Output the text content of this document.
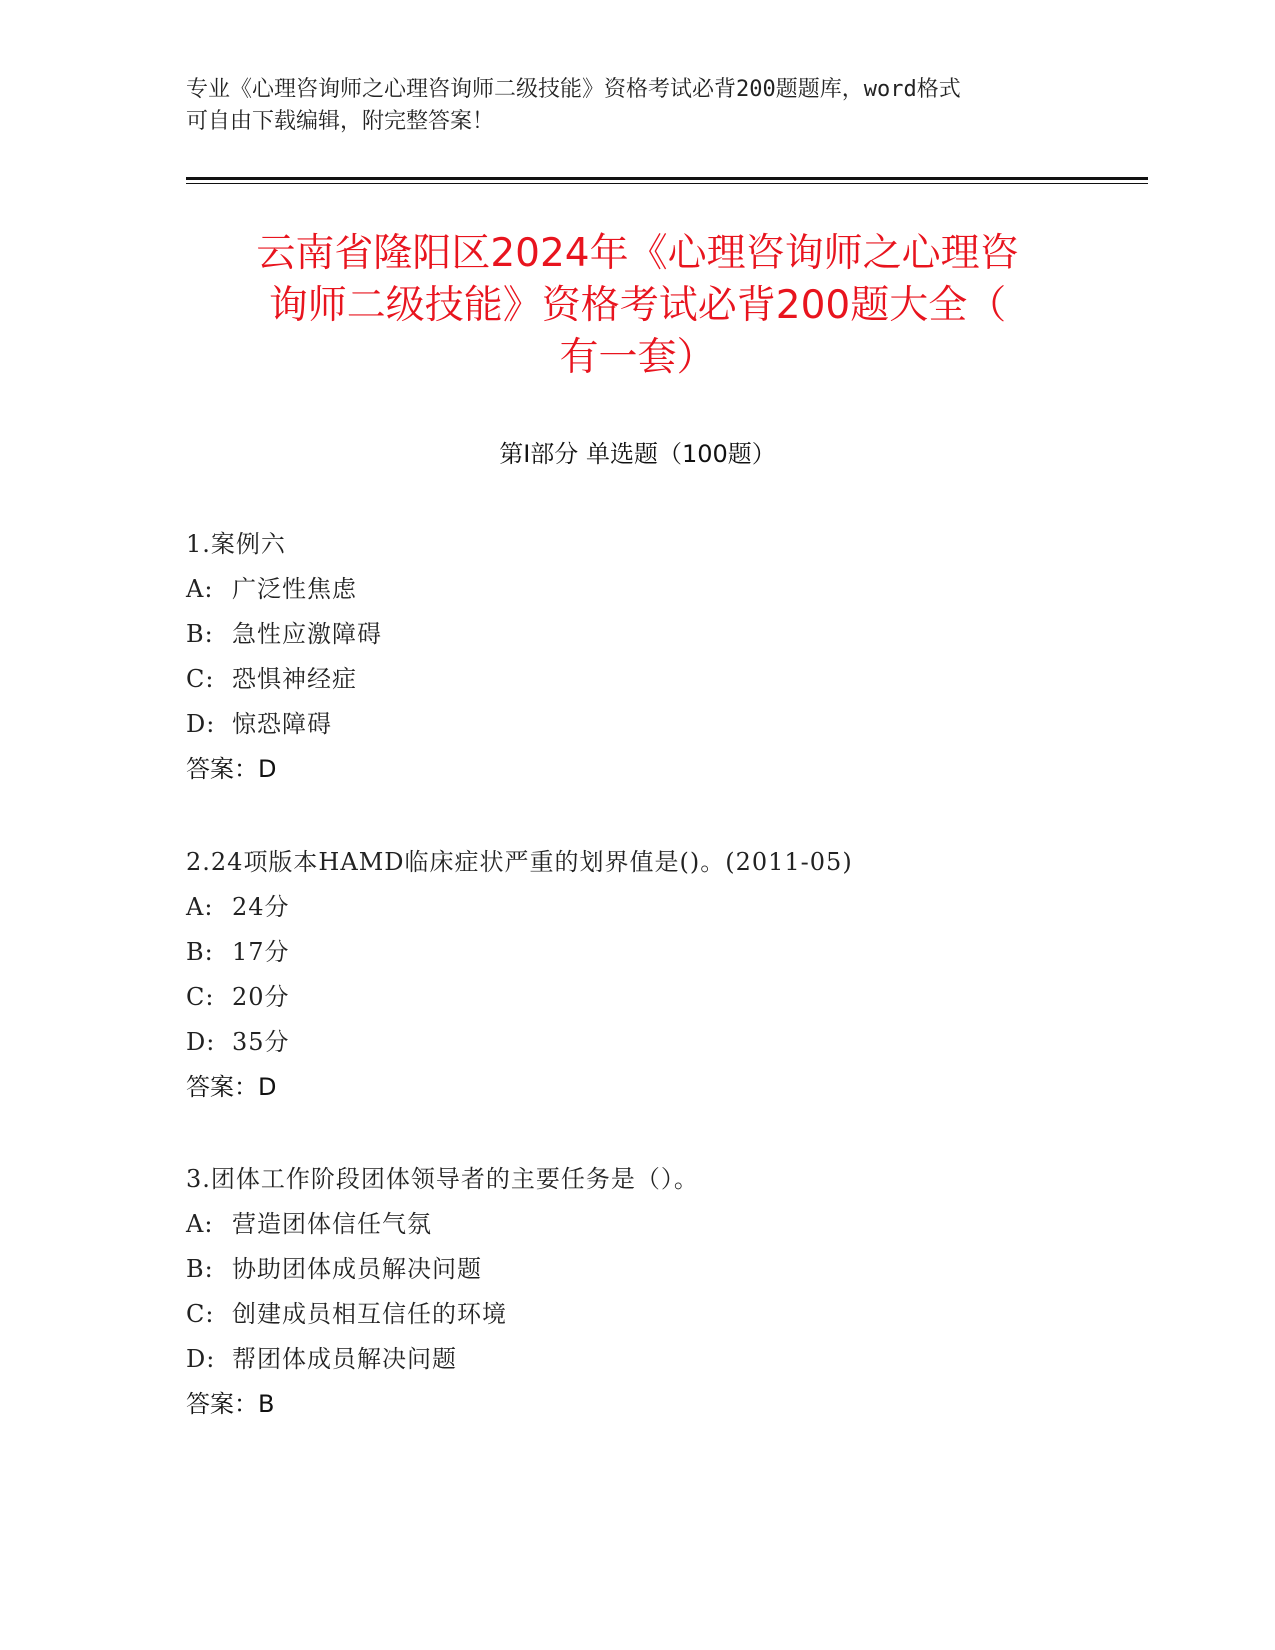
专业《心理咨询师之心理咨询师二级技能》资格考试必背200题题库，word格式
可自由下载编辑，附完整答案！
云南省隆阳区2024年《心理咨询师之心理咨
询师二级技能》资格考试必背200题大全（
有一套）
第Ⅰ部分 单选题（100题）
1.案例六
A: 广泛性焦虑
B: 急性应激障碍
C: 恐惧神经症
D: 惊恐障碍
答案：D
2.24项版本HAMD临床症状严重的划界值是()。(2011-05)
A: 24分
B: 17分
C: 20分
D: 35分
答案：D
3.团体工作阶段团体领导者的主要任务是（）。
A: 营造团体信任气氛
B: 协助团体成员解决问题
C: 创建成员相互信任的环境
D: 帮团体成员解决问题
答案：B
